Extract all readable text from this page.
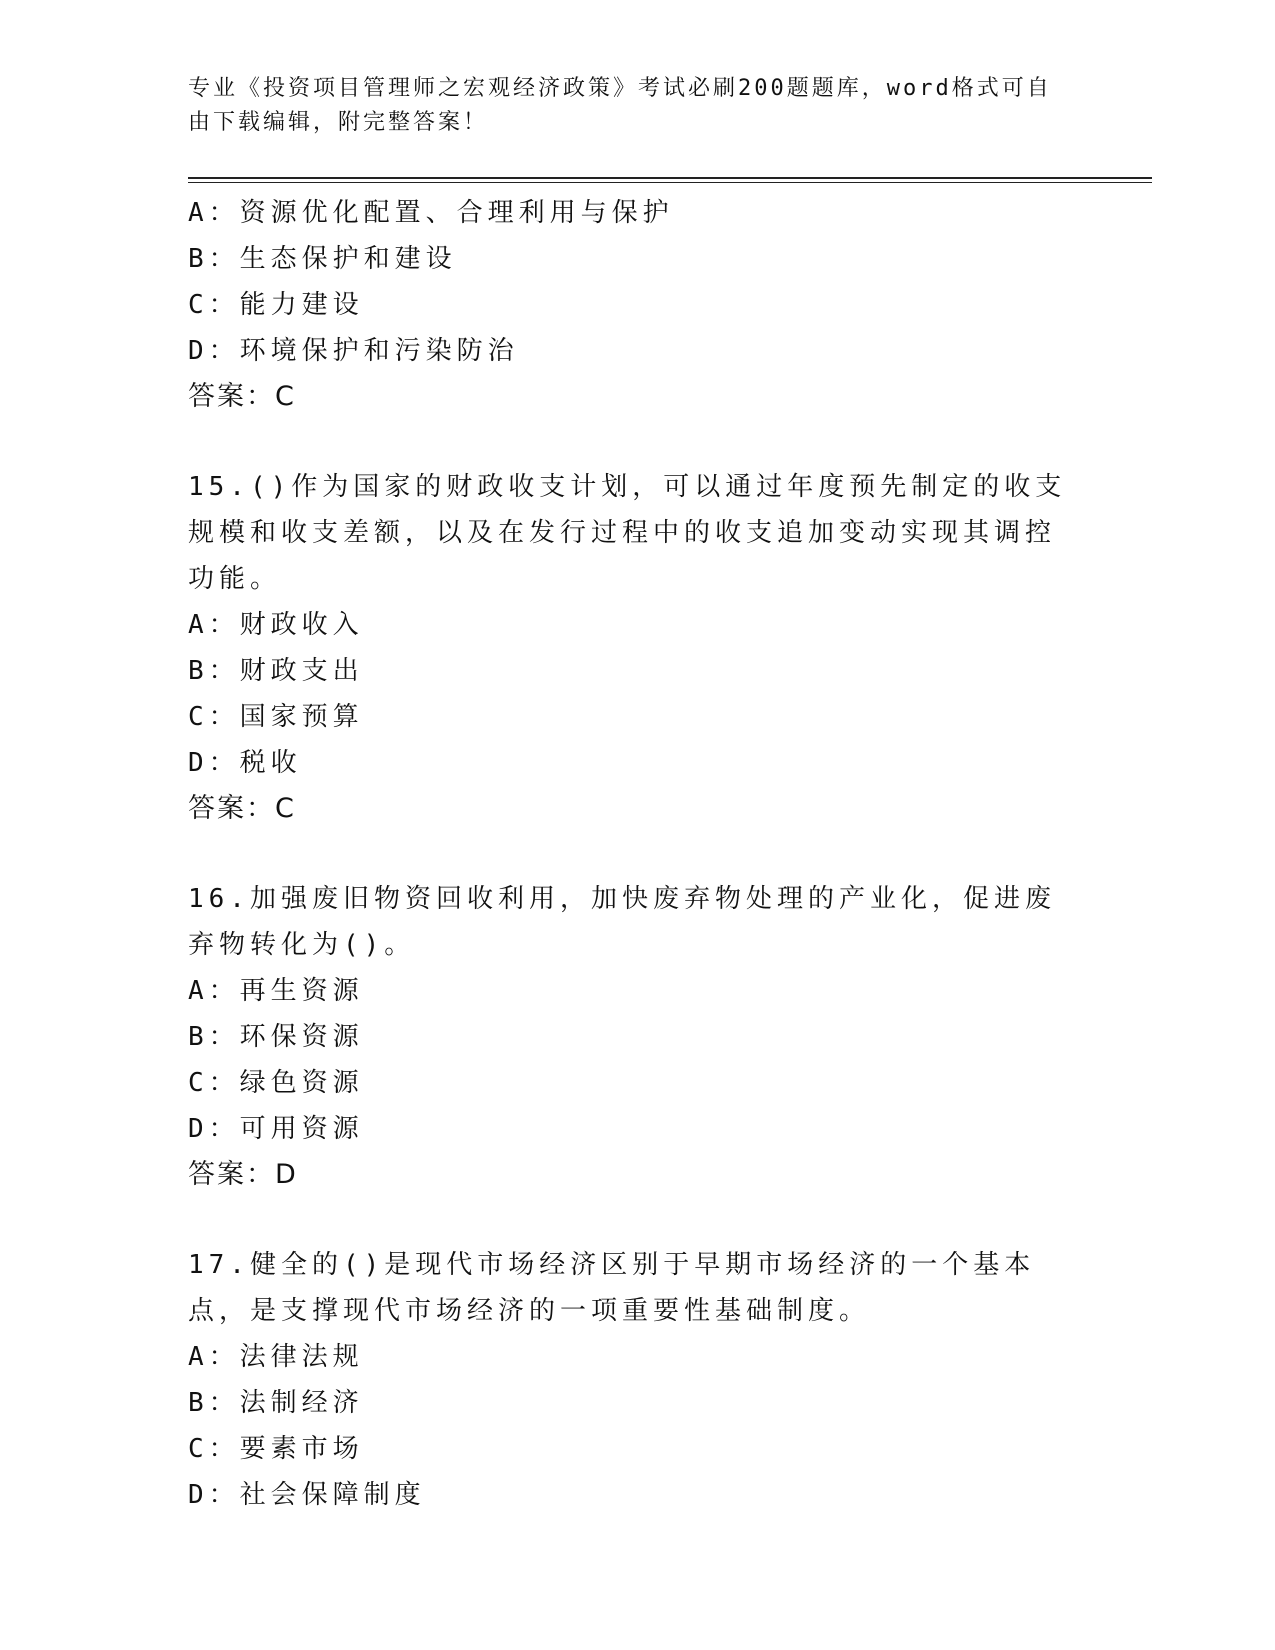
专业《投资项目管理师之宏观经济政策》考试必刷200题题库，word格式可自由下载编辑，附完整答案！
A：资源优化配置、合理利用与保护
B：生态保护和建设
C：能力建设
D：环境保护和污染防治
答案：C
15.()作为国家的财政收支计划，可以通过年度预先制定的收支规模和收支差额，以及在发行过程中的收支追加变动实现其调控功能。
A：财政收入
B：财政支出
C：国家预算
D：税收
答案：C
16.加强废旧物资回收利用，加快废弃物处理的产业化，促进废弃物转化为()。
A：再生资源
B：环保资源
C：绿色资源
D：可用资源
答案：D
17.健全的()是现代市场经济区别于早期市场经济的一个基本点，是支撑现代市场经济的一项重要性基础制度。
A：法律法规
B：法制经济
C：要素市场
D：社会保障制度
